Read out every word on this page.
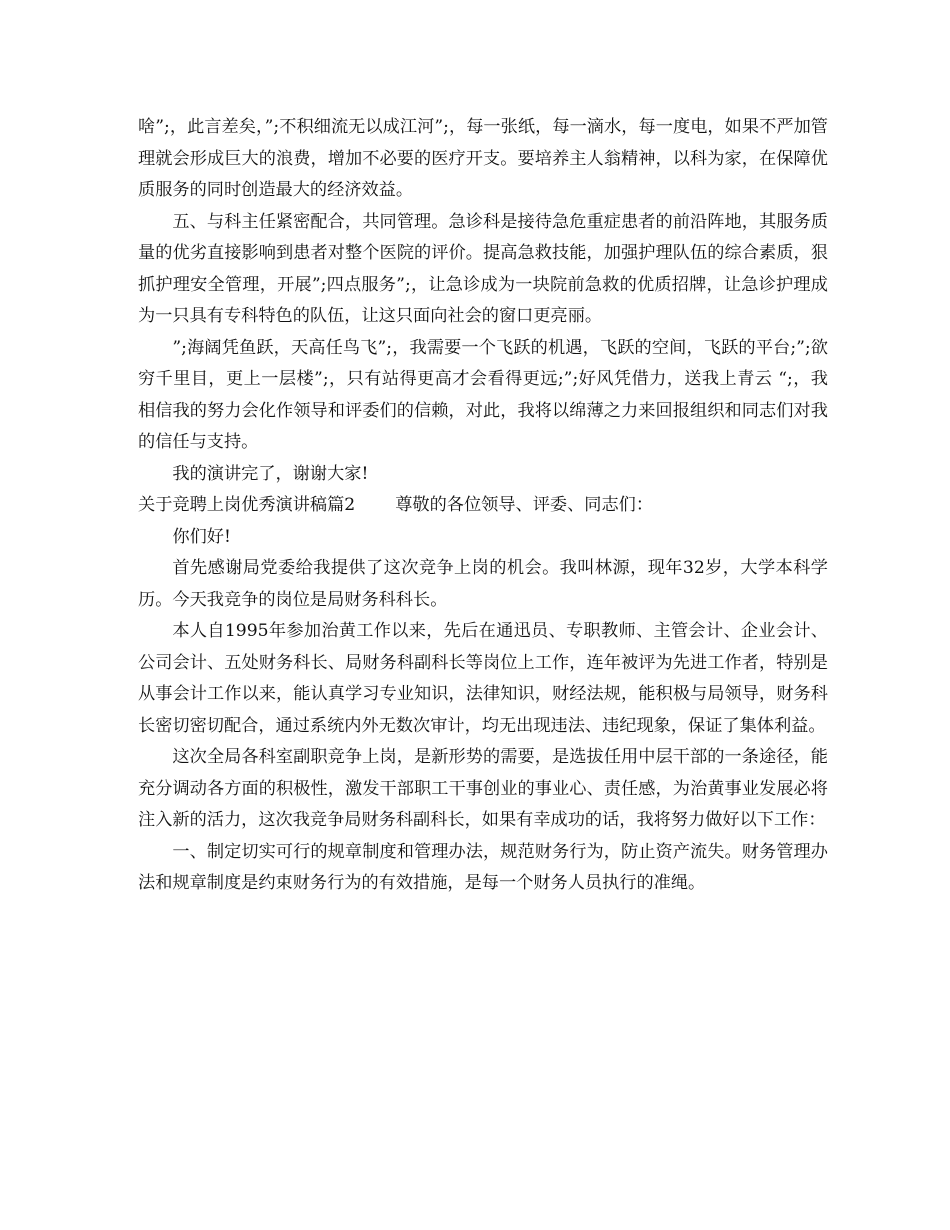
啥”;，此言差矣，”;不积细流无以成江河”;，每一张纸，每一滴水，每一度电，如果不严加管理就会形成巨大的浪费，增加不必要的医疗开支。要培养主人翁精神，以科为家，在保障优质服务的同时创造最大的经济效益。

五、与科主任紧密配合，共同管理。急诊科是接待急危重症患者的前沿阵地，其服务质量的优劣直接影响到患者对整个医院的评价。提高急救技能，加强护理队伍的综合素质，狠抓护理安全管理，开展”;四点服务”;，让急诊成为一块院前急救的优质招牌，让急诊护理成为一只具有专科特色的队伍，让这只面向社会的窗口更亮丽。

”;海阔凭鱼跃，天高任鸟飞”;，我需要一个飞跃的机遇，飞跃的空间，飞跃的平台;”;欲穷千里目，更上一层楼”;，只有站得更高才会看得更远;”;好风凭借力，送我上青云 “;，我相信我的努力会化作领导和评委们的信赖，对此，我将以绵薄之力来回报组织和同志们对我的信任与支持。

我的演讲完了，谢谢大家!

关于竞聘上岗优秀演讲稿篇2 尊敬的各位领导、评委、同志们：

你们好!

首先感谢局党委给我提供了这次竞争上岗的机会。我叫林源，现年32岁，大学本科学历。今天我竞争的岗位是局财务科科长。

本人自1995年参加治黄工作以来，先后在通迅员、专职教师、主管会计、企业会计、公司会计、五处财务科长、局财务科副科长等岗位上工作，连年被评为先进工作者，特别是从事会计工作以来，能认真学习专业知识，法律知识，财经法规，能积极与局领导，财务科长密切密切配合，通过系统内外无数次审计，均无出现违法、违纪现象，保证了集体利益。

这次全局各科室副职竞争上岗，是新形势的需要，是选拔任用中层干部的一条途径，能充分调动各方面的积极性，激发干部职工干事创业的事业心、责任感，为治黄事业发展必将注入新的活力，这次我竞争局财务科副科长，如果有幸成功的话，我将努力做好以下工作：

一、制定切实可行的规章制度和管理办法，规范财务行为，防止资产流失。财务管理办法和规章制度是约束财务行为的有效措施，是每一个财务人员执行的准绳。
